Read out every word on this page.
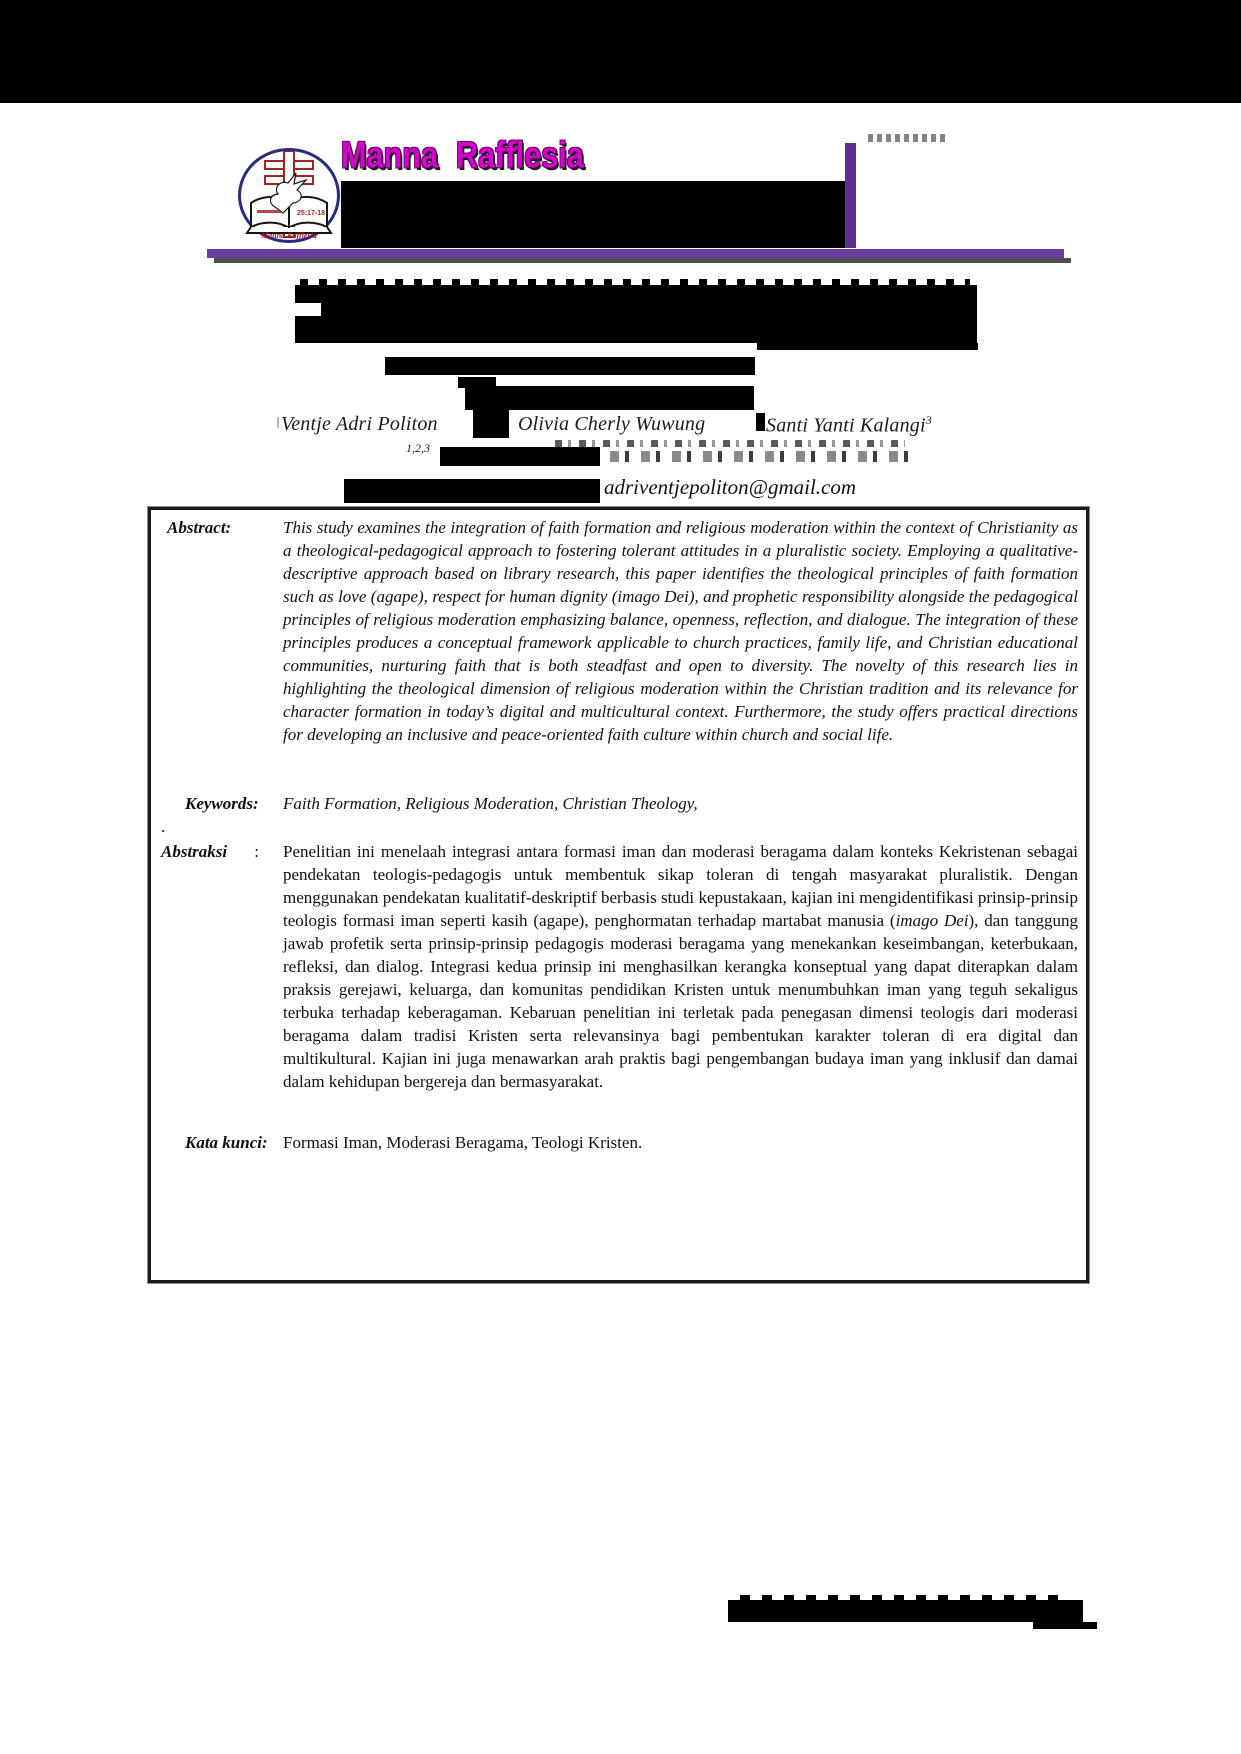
25:17-18
Manna Rafflesia
Manna Rafflesia
Ventje Adri Politon	Olivia Cherly Wuwung	Santi Yanti Kalangi$^3$
1,2,3
adriventjepoliton@gmail.com
Abstract:	This study examines the integration of faith formation and religious moderation within the context of Christianity as a theological-pedagogical approach to fostering tolerant attitudes in a pluralistic society. Employing a qualitative-descriptive approach based on library research, this paper identifies the theological principles of faith formation such as love (agape), respect for human dignity (imago Dei), and prophetic responsibility alongside the pedagogical principles of religious moderation emphasizing balance, openness, reflection, and dialogue. The integration of these principles produces a conceptual framework applicable to church practices, family life, and Christian educational communities, nurturing faith that is both steadfast and open to diversity. The novelty of this research lies in highlighting the theological dimension of religious moderation within the Christian tradition and its relevance for character formation in today’s digital and multicultural context. Furthermore, the study offers practical directions for developing an inclusive and peace-oriented faith culture within church and social life.
Keywords:	Faith Formation, Religious Moderation, Christian Theology,
.
Abstraksi : Penelitian ini menelaah integrasi antara formasi iman dan moderasi beragama dalam konteks Kekristenan sebagai pendekatan teologis-pedagogis untuk membentuk sikap toleran di tengah masyarakat pluralistik. Dengan menggunakan pendekatan kualitatif-deskriptif berbasis studi kepustakaan, kajian ini mengidentifikasi prinsip-prinsip teologis formasi iman seperti kasih (agape), penghormatan terhadap martabat manusia (imago Dei), dan tanggung jawab profetik serta prinsip-prinsip pedagogis moderasi beragama yang menekankan keseimbangan, keterbukaan, refleksi, dan dialog. Integrasi kedua prinsip ini menghasilkan kerangka konseptual yang dapat diterapkan dalam praksis gerejawi, keluarga, dan komunitas pendidikan Kristen untuk menumbuhkan iman yang teguh sekaligus terbuka terhadap keberagaman. Kebaruan penelitian ini terletak pada penegasan dimensi teologis dari moderasi beragama dalam tradisi Kristen serta relevansinya bagi pembentukan karakter toleran di era digital dan multikultural. Kajian ini juga menawarkan arah praktis bagi pengembangan budaya iman yang inklusif dan damai dalam kehidupan bergereja dan bermasyarakat.
Kata kunci: Formasi Iman, Moderasi Beragama, Teologi Kristen.
